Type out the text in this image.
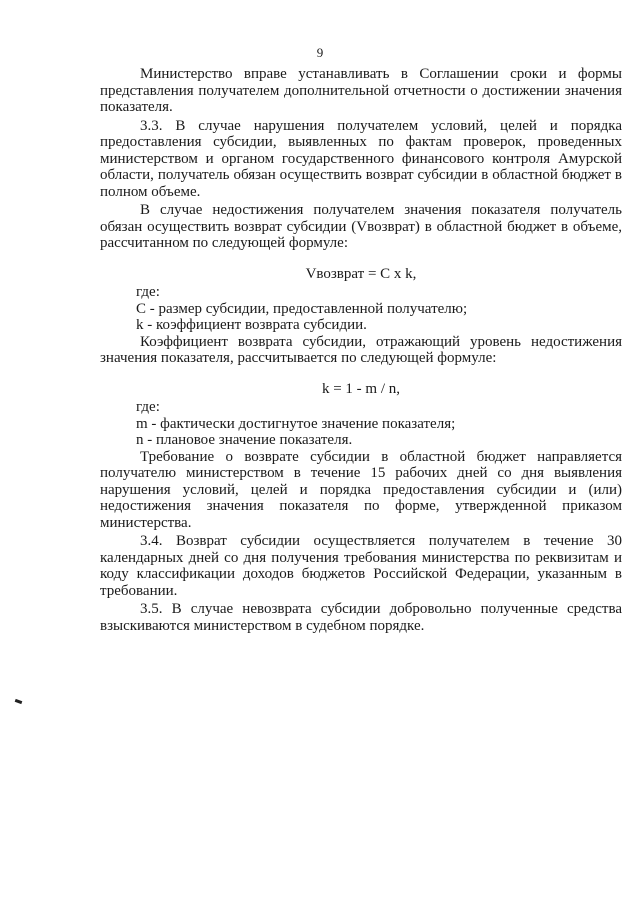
9

Министерство вправе устанавливать в Соглашении сроки и формы представления получателем дополнительной отчетности о достижении значения показателя.

3.3. В случае нарушения получателем условий, целей и порядка предоставления субсидии, выявленных по фактам проверок, проведенных министерством и органом государственного финансового контроля Амурской области, получатель обязан осуществить возврат субсидии в областной бюджет в полном объеме.

В случае недостижения получателем значения показателя получатель обязан осуществить возврат субсидии (Vвозврат) в областной бюджет в объеме, рассчитанном по следующей формуле:

Vвозврат = C x k,

где:

C - размер субсидии, предоставленной получателю;

k - коэффициент возврата субсидии.

Коэффициент возврата субсидии, отражающий уровень недостижения значения показателя, рассчитывается по следующей формуле:

k = 1 - m / n,

где:

m - фактически достигнутое значение показателя;

n - плановое значение показателя.

Требование о возврате субсидии в областной бюджет направляется получателю министерством в течение 15 рабочих дней со дня выявления нарушения условий, целей и порядка предоставления субсидии и (или) недостижения значения показателя по форме, утвержденной приказом министерства.

3.4. Возврат субсидии осуществляется получателем в течение 30 календарных дней со дня получения требования министерства по реквизитам и коду классификации доходов бюджетов Российской Федерации, указанным в требовании.

3.5. В случае невозврата субсидии добровольно полученные средства взыскиваются министерством в судебном порядке.
